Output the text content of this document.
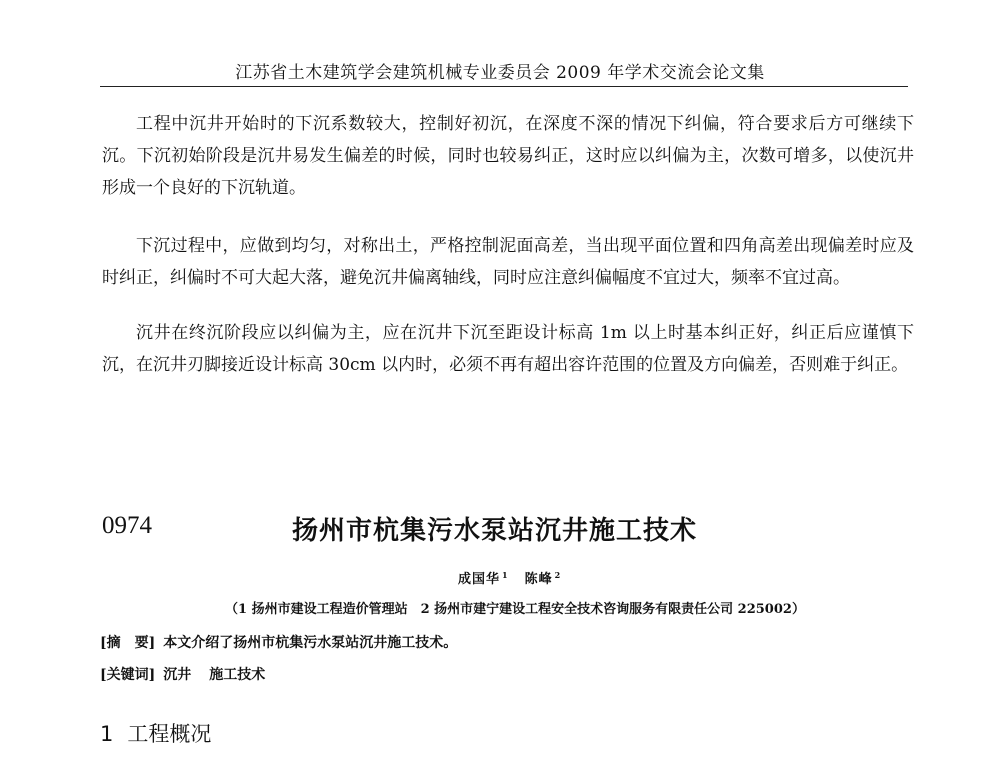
江苏省土木建筑学会建筑机械专业委员会 2009 年学术交流会论文集

工程中沉井开始时的下沉系数较大，控制好初沉，在深度不深的情况下纠偏，符合要求后方可继续下沉。下沉初始阶段是沉井易发生偏差的时候，同时也较易纠正，这时应以纠偏为主，次数可增多，以使沉井形成一个良好的下沉轨道。

下沉过程中，应做到均匀，对称出土，严格控制泥面高差，当出现平面位置和四角高差出现偏差时应及时纠正，纠偏时不可大起大落，避免沉井偏离轴线，同时应注意纠偏幅度不宜过大，频率不宜过高。

沉井在终沉阶段应以纠偏为主，应在沉井下沉至距设计标高 1m 以上时基本纠正好，纠正后应谨慎下沉，在沉井刃脚接近设计标高 30cm 以内时，必须不再有超出容许范围的位置及方向偏差，否则难于纠正。

0974	扬州市杭集污水泵站沉井施工技术
成国华 $^1$ 陈峰 $^2$
（1 扬州市建设工程造价管理站　2 扬州市建宁建设工程安全技术咨询服务有限责任公司 225002）
[摘　要] 本文介绍了扬州市杭集污水泵站沉井施工技术。
[关键词] 沉井 施工技术
1 工程概况
